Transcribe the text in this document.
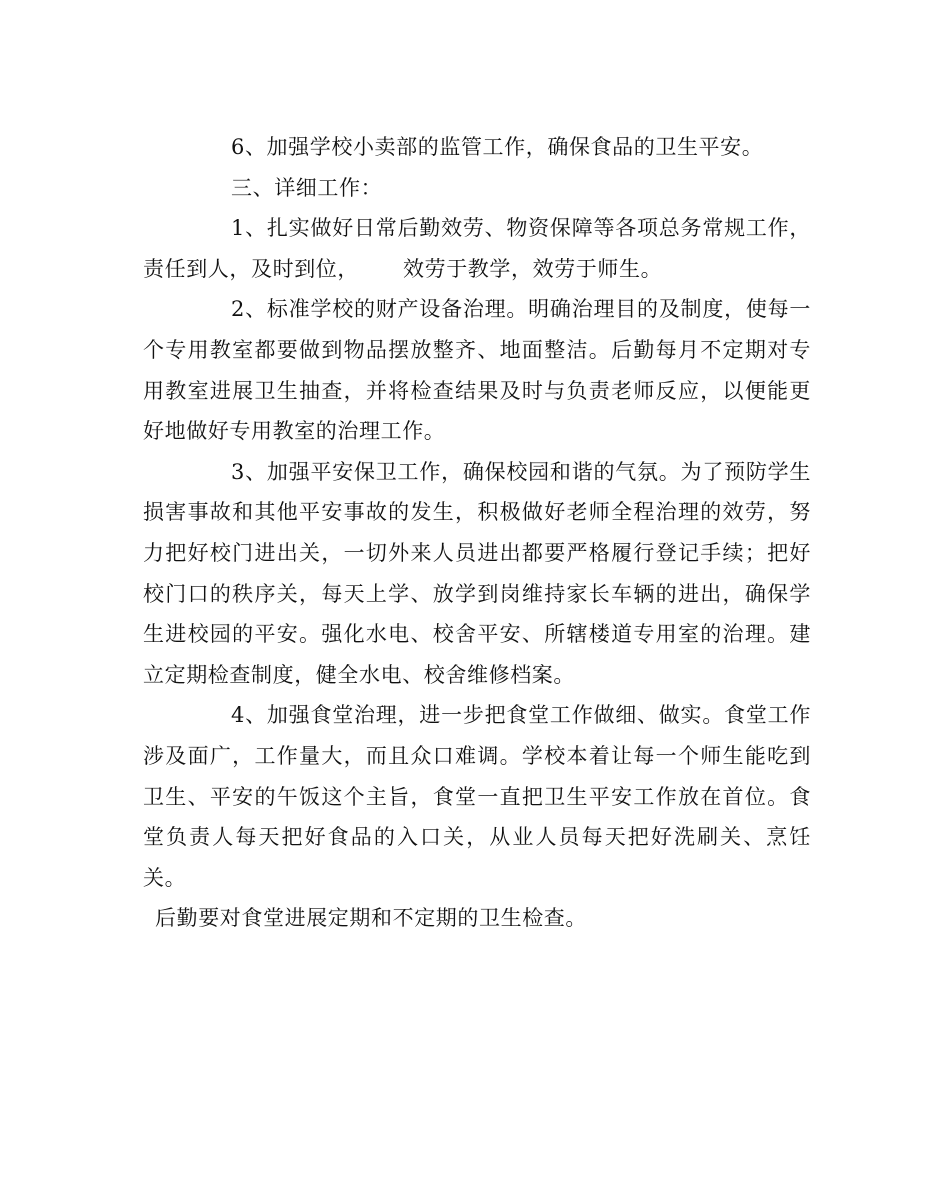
6、加强学校小卖部的监管工作，确保食品的卫生平安。

三、详细工作：

1、扎实做好日常后勤效劳、物资保障等各项总务常规工作，责任到人，及时到位， 效劳于教学，效劳于师生。

2、标准学校的财产设备治理。明确治理目的及制度，使每一个专用教室都要做到物品摆放整齐、地面整洁。后勤每月不定期对专用教室进展卫生抽查，并将检查结果及时与负责老师反应，以便能更好地做好专用教室的治理工作。

3、加强平安保卫工作，确保校园和谐的气氛。为了预防学生损害事故和其他平安事故的发生，积极做好老师全程治理的效劳，努力把好校门进出关，一切外来人员进出都要严格履行登记手续；把好校门口的秩序关，每天上学、放学到岗维持家长车辆的进出，确保学生进校园的平安。强化水电、校舍平安、所辖楼道专用室的治理。建立定期检查制度，健全水电、校舍维修档案。

4、加强食堂治理，进一步把食堂工作做细、做实。食堂工作涉及面广，工作量大，而且众口难调。学校本着让每一个师生能吃到卫生、平安的午饭这个主旨，食堂一直把卫生平安工作放在首位。食堂负责人每天把好食品的入口关，从业人员每天把好洗刷关、烹饪关。

后勤要对食堂进展定期和不定期的卫生检查。
